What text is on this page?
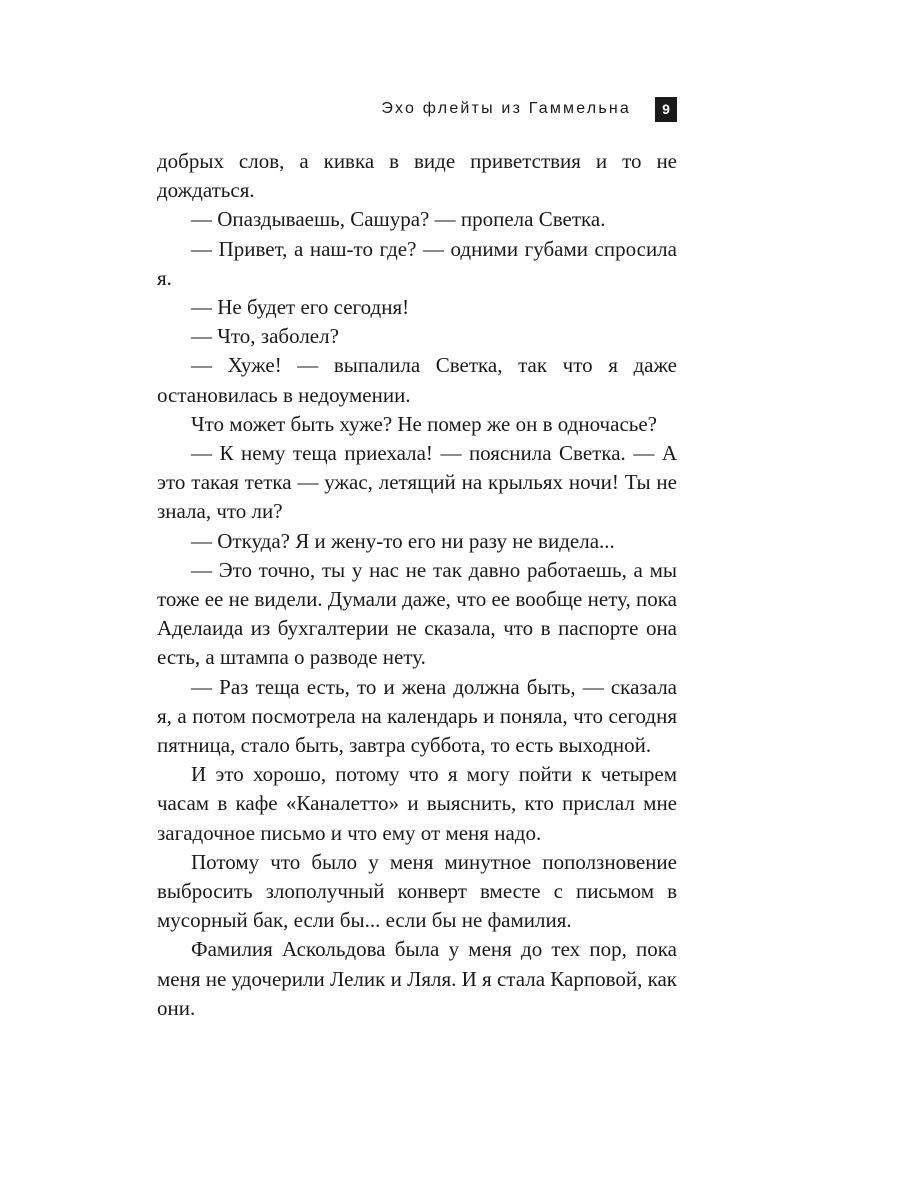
Эхо флейты из Гаммельна	9

добрых слов, а кивка в виде приветствия и то не дождаться.

— Опаздываешь, Сашура? — пропела Светка.

— Привет, а наш-то где? — одними губами спросила я.

— Не будет его сегодня!

— Что, заболел?

— Хуже! — выпалила Светка, так что я даже остановилась в недоумении.

Что может быть хуже? Не помер же он в одночасье?

— К нему теща приехала! — пояснила Светка. — А это такая тетка — ужас, летящий на крыльях ночи! Ты не знала, что ли?

— Откуда? Я и жену-то его ни разу не видела...

— Это точно, ты у нас не так давно работаешь, а мы тоже ее не видели. Думали даже, что ее вообще нету, пока Аделаида из бухгалтерии не сказала, что в паспорте она есть, а штампа о разводе нету.

— Раз теща есть, то и жена должна быть, — сказала я, а потом посмотрела на календарь и поняла, что сегодня пятница, стало быть, завтра суббота, то есть выходной.

И это хорошо, потому что я могу пойти к четырем часам в кафе «Каналетто» и выяснить, кто прислал мне загадочное письмо и что ему от меня надо.

Потому что было у меня минутное поползновение выбросить злополучный конверт вместе с письмом в мусорный бак, если бы... если бы не фамилия.

Фамилия Аскольдова была у меня до тех пор, пока меня не удочерили Лелик и Ляля. И я стала Карповой, как они.
